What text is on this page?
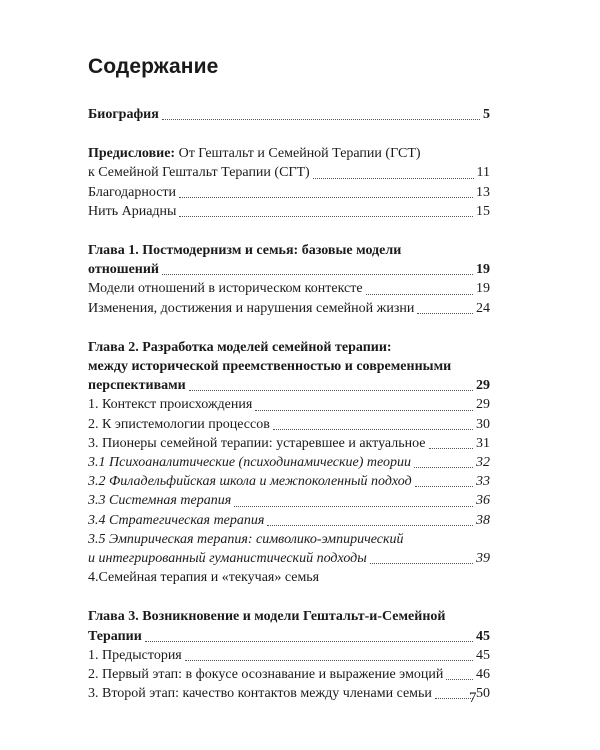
Содержание
Биография	5
Предисловие: От Гештальт и Семейной Терапии (ГСТ)
к Семейной Гештальт Терапии (СГТ)	11
Благодарности	13
Нить Ариадны	15
Глава 1. Постмодернизм и семья: базовые модели
отношений	19
Модели отношений в историческом контексте	19
Изменения, достижения и нарушения семейной жизни	24
Глава 2. Разработка моделей семейной терапии:
между исторической преемственностью и современными
перспективами	29
1. Контекст происхождения	29
2. К эпистемологии процессов	30
3. Пионеры семейной терапии: устаревшее и актуальное	31
3.1 Психоаналитические (психодинамические) теории	32
3.2 Филадельфийская школа и межпоколенный подход	33
3.3 Системная терапия	36
3.4 Стратегическая терапия	38
3.5 Эмпирическая терапия: символико-эмпирический
и интегрированный гуманистический подходы	39
4.Семейная терапия и «текучая» семья
Глава 3. Возникновение и модели Гештальт-и-Семейной
Терапии	45
1. Предыстория	45
2. Первый этап: в фокусе осознавание и выражение эмоций 46
3. Второй этап: качество контактов между членами семьи	50
7
